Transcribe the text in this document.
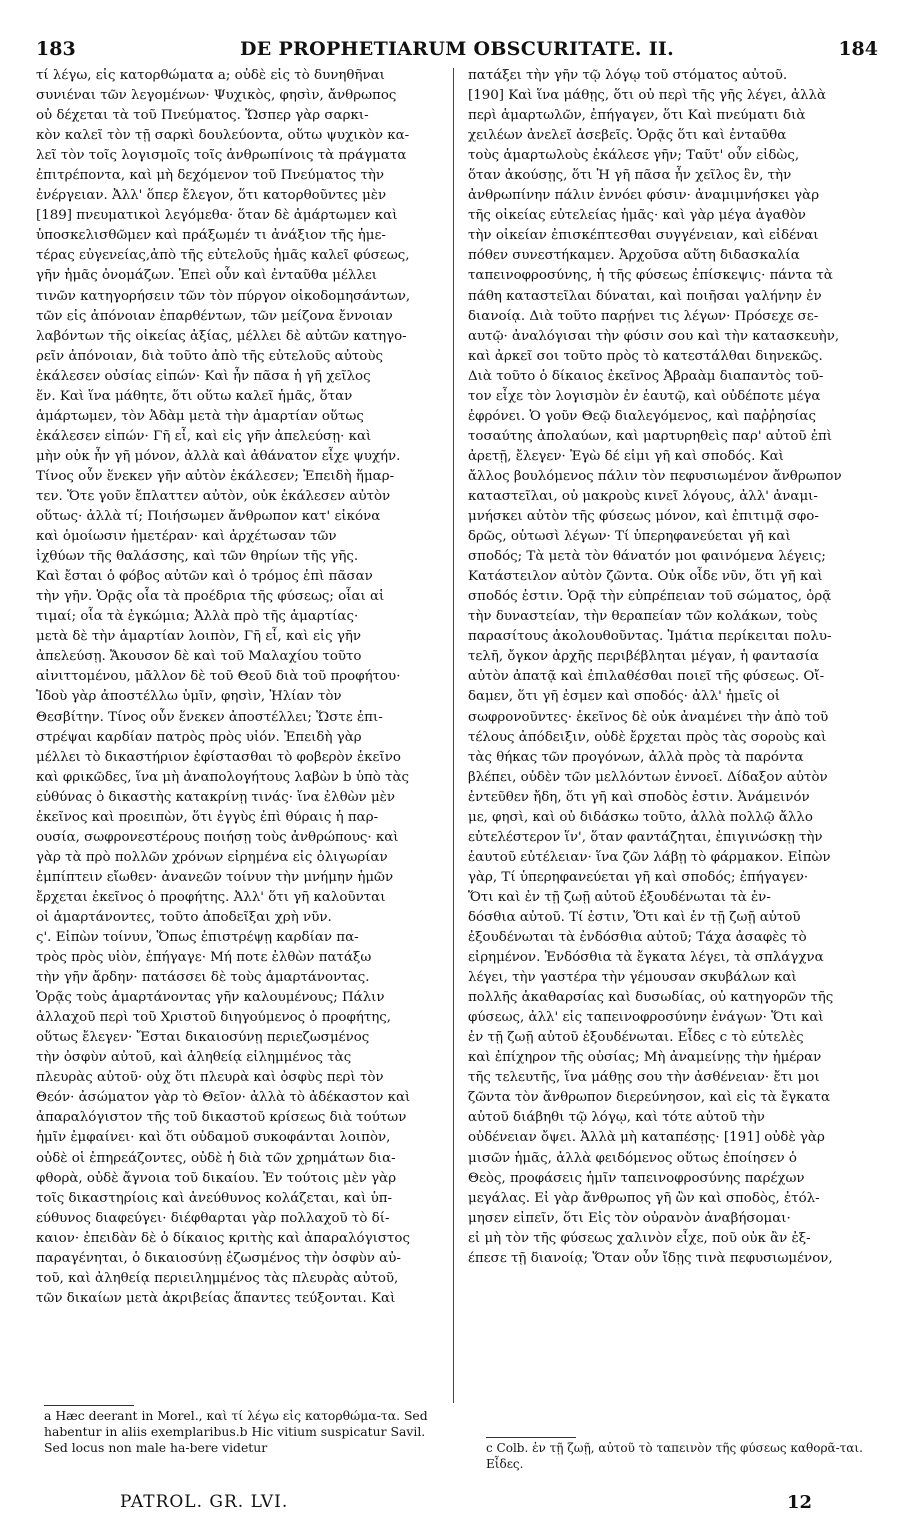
183	DE PROPHETIARUM OBSCURITATE. II.	184
τί λέγω, εἰς κατορθώματα a; οὐδὲ εἰς τὸ δυνηθῆναι
συνιέναι τῶν λεγομένων· Ψυχικὸς, φησὶν, ἄνθρωπος
οὐ δέχεται τὰ τοῦ Πνεύματος. Ὥσπερ γὰρ σαρκι-
κὸν καλεῖ τὸν τῇ σαρκὶ δουλεύοντα, οὕτω ψυχικὸν κα-
λεῖ τὸν τοῖς λογισμοῖς τοῖς ἀνθρωπίνοις τὰ πράγματα
ἐπιτρέποντα, καὶ μὴ δεχόμενον τοῦ Πνεύματος τὴν
ἐνέργειαν. Ἀλλ' ὅπερ ἔλεγον, ὅτι κατορθοῦντες μὲν
[189] πνευματικοὶ λεγόμεθα· ὅταν δὲ ἁμάρτωμεν καὶ
ὑποσκελισθῶμεν καὶ πράξωμέν τι ἀνάξιον τῆς ἡμε-
τέρας εὐγενείας,ἀπὸ τῆς εὐτελοῦς ἡμᾶς καλεῖ φύσεως,
γῆν ἡμᾶς ὀνομάζων. Ἐπεὶ οὖν καὶ ἐνταῦθα μέλλει
τινῶν κατηγορήσειν τῶν τὸν πύργον οἰκοδομησάντων,
τῶν εἰς ἀπόνοιαν ἐπαρθέντων, τῶν μείζονα ἔννοιαν
λαβόντων τῆς οἰκείας ἀξίας, μέλλει δὲ αὐτῶν κατηγο-
ρεῖν ἀπόνοιαν, διὰ τοῦτο ἀπὸ τῆς εὐτελοῦς αὐτοὺς
ἐκάλεσεν οὐσίας εἰπών· Καὶ ἦν πᾶσα ἡ γῆ χεῖλος
ἕν. Καὶ ἵνα μάθητε, ὅτι οὕτω καλεῖ ἡμᾶς, ὅταν
ἁμάρτωμεν, τὸν Ἀδὰμ μετὰ τὴν ἁμαρτίαν οὕτως
ἐκάλεσεν εἰπών· Γῆ εἶ, καὶ εἰς γῆν ἀπελεύσῃ· καὶ
μὴν οὐκ ἦν γῆ μόνον, ἀλλὰ καὶ ἀθάνατον εἶχε ψυχήν.
Τίνος οὖν ἕνεκεν γῆν αὐτὸν ἐκάλεσεν; Ἐπειδὴ ἥμαρ-
τεν. Ὅτε γοῦν ἔπλαττεν αὐτὸν, οὐκ ἐκάλεσεν αὐτὸν
οὕτως· ἀλλὰ τί; Ποιήσωμεν ἄνθρωπον κατ' εἰκόνα
καὶ ὁμοίωσιν ἡμετέραν· καὶ ἀρχέτωσαν τῶν
ἰχθύων τῆς θαλάσσης, καὶ τῶν θηρίων τῆς γῆς.
Καὶ ἔσται ὁ φόβος αὐτῶν καὶ ὁ τρόμος ἐπὶ πᾶσαν
τὴν γῆν. Ὁρᾷς οἷα τὰ προέδρια τῆς φύσεως; οἷαι αἱ
τιμαί; οἷα τὰ ἐγκώμια; Ἀλλὰ πρὸ τῆς ἁμαρτίας·
μετὰ δὲ τὴν ἁμαρτίαν λοιπὸν, Γῆ εἶ, καὶ εἰς γῆν
ἀπελεύσῃ. Ἄκουσον δὲ καὶ τοῦ Μαλαχίου τοῦτο
αἰνιττομένου, μᾶλλον δὲ τοῦ Θεοῦ διὰ τοῦ προφήτου·
Ἰδοὺ γὰρ ἀποστέλλω ὑμῖν, φησὶν, Ἠλίαν τὸν
Θεσβίτην. Τίνος οὖν ἕνεκεν ἀποστέλλει; Ὥστε ἐπι-
στρέψαι καρδίαν πατρὸς πρὸς υἱόν. Ἐπειδὴ γὰρ
μέλλει τὸ δικαστήριον ἐφίστασθαι τὸ φοβερὸν ἐκεῖνο
καὶ φρικῶδες, ἵνα μὴ ἀναπολογήτους λαβὼν b ὑπὸ τὰς
εὐθύνας ὁ δικαστὴς κατακρίνῃ τινάς· ἵνα ἐλθὼν μὲν
ἐκεῖνος καὶ προειπὼν, ὅτι ἐγγὺς ἐπὶ θύραις ἡ παρ-
ουσία, σωφρονεστέρους ποιήσῃ τοὺς ἀνθρώπους· καὶ
γὰρ τὰ πρὸ πολλῶν χρόνων εἰρημένα εἰς ὀλιγωρίαν
ἐμπίπτειν εἴωθεν· ἀνανεῶν τοίνυν τὴν μνήμην ἡμῶν
ἔρχεται ἐκεῖνος ὁ προφήτης. Ἀλλ' ὅτι γῆ καλοῦνται
οἱ ἁμαρτάνοντες, τοῦτο ἀποδεῖξαι χρὴ νῦν.
ς'. Εἰπὼν τοίνυν, Ὅπως ἐπιστρέψῃ καρδίαν πα-
τρὸς πρὸς υἱὸν, ἐπήγαγε· Μή ποτε ἐλθὼν πατάξω
τὴν γῆν ἄρδην· πατάσσει δὲ τοὺς ἁμαρτάνοντας.
Ὁρᾷς τοὺς ἁμαρτάνοντας γῆν καλουμένους; Πάλιν
ἀλλαχοῦ περὶ τοῦ Χριστοῦ διηγούμενος ὁ προφήτης,
οὕτως ἔλεγεν· Ἔσται δικαιοσύνῃ περιεζωσμένος
τὴν ὀσφὺν αὐτοῦ, καὶ ἀληθείᾳ εἱλημμένος τὰς
πλευρὰς αὐτοῦ· οὐχ ὅτι πλευρὰ καὶ ὀσφὺς περὶ τὸν
Θεόν· ἀσώματον γὰρ τὸ Θεῖον· ἀλλὰ τὸ ἀδέκαστον καὶ
ἀπαραλόγιστον τῆς τοῦ δικαστοῦ κρίσεως διὰ τούτων
ἡμῖν ἐμφαίνει· καὶ ὅτι οὐδαμοῦ συκοφάνται λοιπὸν,
οὐδὲ οἱ ἐπηρεάζοντες, οὐδὲ ἡ διὰ τῶν χρημάτων δια-
φθορὰ, οὐδὲ ἄγνοια τοῦ δικαίου. Ἐν τούτοις μὲν γὰρ
τοῖς δικαστηρίοις καὶ ἀνεύθυνος κολάζεται, καὶ ὑπ-
εύθυνος διαφεύγει· διέφθαρται γὰρ πολλαχοῦ τὸ δί-
καιον· ἐπειδὰν δὲ ὁ δίκαιος κριτὴς καὶ ἀπαραλόγιστος
παραγένηται, ὁ δικαιοσύνῃ ἐζωσμένος τὴν ὀσφὺν αὐ-
τοῦ, καὶ ἀληθείᾳ περιειλημμένος τὰς πλευρὰς αὐτοῦ,
τῶν δικαίων μετὰ ἀκριβείας ἅπαντες τεύξονται. Καὶ
πατάξει τὴν γῆν τῷ λόγῳ τοῦ στόματος αὐτοῦ.
[190] Καὶ ἵνα μάθῃς, ὅτι οὐ περὶ τῆς γῆς λέγει, ἀλλὰ
περὶ ἁμαρτωλῶν, ἐπήγαγεν, ὅτι Καὶ πνεύματι διὰ
χειλέων ἀνελεῖ ἀσεβεῖς. Ὁρᾷς ὅτι καὶ ἐνταῦθα
τοὺς ἁμαρτωλοὺς ἐκάλεσε γῆν; Ταῦτ' οὖν εἰδὼς,
ὅταν ἀκούσῃς, ὅτι Ἡ γῆ πᾶσα ἦν χεῖλος ἓν, τὴν
ἀνθρωπίνην πάλιν ἐννόει φύσιν· ἀναμιμνήσκει γὰρ
τῆς οἰκείας εὐτελείας ἡμᾶς· καὶ γὰρ μέγα ἀγαθὸν
τὴν οἰκείαν ἐπισκέπτεσθαι συγγένειαν, καὶ εἰδέναι
πόθεν συνεστήκαμεν. Ἀρχοῦσα αὕτη διδασκαλία
ταπεινοφροσύνης, ἡ τῆς φύσεως ἐπίσκεψις· πάντα τὰ
πάθη καταστεῖλαι δύναται, καὶ ποιῆσαι γαλήνην ἐν
διανοίᾳ. Διὰ τοῦτο παρῄνει τις λέγων· Πρόσεχε σε-
αυτῷ· ἀναλόγισαι τὴν φύσιν σου καὶ τὴν κατασκευὴν,
καὶ ἀρκεῖ σοι τοῦτο πρὸς τὸ κατεστάλθαι διηνεκῶς.
Διὰ τοῦτο ὁ δίκαιος ἐκεῖνος Ἀβραὰμ διαπαντὸς τοῦ-
τον εἶχε τὸν λογισμὸν ἐν ἑαυτῷ, καὶ οὐδέποτε μέγα
ἐφρόνει. Ὁ γοῦν Θεῷ διαλεγόμενος, καὶ παῤῥησίας
τοσαύτης ἀπολαύων, καὶ μαρτυρηθεὶς παρ' αὐτοῦ ἐπὶ
ἀρετῇ, ἔλεγεν· Ἐγὼ δέ εἰμι γῆ καὶ σποδός. Καὶ
ἄλλος βουλόμενος πάλιν τὸν πεφυσιωμένον ἄνθρωπον
καταστεῖλαι, οὐ μακροὺς κινεῖ λόγους, ἀλλ' ἀναμι-
μνήσκει αὐτὸν τῆς φύσεως μόνον, καὶ ἐπιτιμᾷ σφο-
δρῶς, οὑτωσὶ λέγων· Τί ὑπερηφανεύεται γῆ καὶ
σποδός; Τὰ μετὰ τὸν θάνατόν μοι φαινόμενα λέγεις;
Κατάστειλον αὐτὸν ζῶντα. Οὐκ οἶδε νῦν, ὅτι γῆ καὶ
σποδός ἐστιν. Ὁρᾷ τὴν εὐπρέπειαν τοῦ σώματος, ὁρᾷ
τὴν δυναστείαν, τὴν θεραπείαν τῶν κολάκων, τοὺς
παρασίτους ἀκολουθοῦντας. Ἱμάτια περίκειται πολυ-
τελῆ, ὄγκον ἀρχῆς περιβέβληται μέγαν, ἡ φαντασία
αὐτὸν ἀπατᾷ καὶ ἐπιλαθέσθαι ποιεῖ τῆς φύσεως. Οἴ-
δαμεν, ὅτι γῆ ἐσμεν καὶ σποδός· ἀλλ' ἡμεῖς οἱ
σωφρονοῦντες· ἐκεῖνος δὲ οὐκ ἀναμένει τὴν ἀπὸ τοῦ
τέλους ἀπόδειξιν, οὐδὲ ἔρχεται πρὸς τὰς σοροὺς καὶ
τὰς θήκας τῶν προγόνων, ἀλλὰ πρὸς τὰ παρόντα
βλέπει, οὐδὲν τῶν μελλόντων ἐννοεῖ. Δίδαξον αὐτὸν
ἐντεῦθεν ἤδη, ὅτι γῆ καὶ σποδὸς ἐστιν. Ἀνάμεινόν
με, φησὶ, καὶ οὐ διδάσκω τοῦτο, ἀλλὰ πολλῷ ἄλλο
εὐτελέστερον ἵν', ὅταν φαντάζηται, ἐπιγινώσκῃ τὴν
ἑαυτοῦ εὐτέλειαν· ἵνα ζῶν λάβῃ τὸ φάρμακον. Εἰπὼν
γὰρ, Τί ὑπερηφανεύεται γῆ καὶ σποδός; ἐπήγαγεν·
Ὅτι καὶ ἐν τῇ ζωῇ αὐτοῦ ἐξουδένωται τὰ ἐν-
δόσθια αὐτοῦ. Τί ἐστιν, Ὅτι καὶ ἐν τῇ ζωῇ αὐτοῦ
ἐξουδένωται τὰ ἐνδόσθια αὐτοῦ; Τάχα ἀσαφὲς τὸ
εἰρημένον. Ἐνδόσθια τὰ ἔγκατα λέγει, τὰ σπλάγχνα
λέγει, τὴν γαστέρα τὴν γέμουσαν σκυβάλων καὶ
πολλῆς ἀκαθαρσίας καὶ δυσωδίας, οὐ κατηγορῶν τῆς
φύσεως, ἀλλ' εἰς ταπεινοφροσύνην ἐνάγων· Ὅτι καὶ
ἐν τῇ ζωῇ αὐτοῦ ἐξουδένωται. Εἶδες c τὸ εὐτελὲς
καὶ ἐπίχηρον τῆς οὐσίας; Μὴ ἀναμείνῃς τὴν ἡμέραν
τῆς τελευτῆς, ἵνα μάθῃς σου τὴν ἀσθένειαν· ἔτι μοι
ζῶντα τὸν ἄνθρωπον διερεύνησον, καὶ εἰς τὰ ἔγκατα
αὐτοῦ διάβηθι τῷ λόγῳ, καὶ τότε αὐτοῦ τὴν
οὐδένειαν ὄψει. Ἀλλὰ μὴ καταπέσῃς· [191] οὐδὲ γὰρ
μισῶν ἡμᾶς, ἀλλὰ φειδόμενος οὕτως ἐποίησεν ὁ
Θεὸς, προφάσεις ἡμῖν ταπεινοφροσύνης παρέχων
μεγάλας. Εἰ γὰρ ἄνθρωπος γῆ ὢν καὶ σποδὸς, ἐτόλ-
μησεν εἰπεῖν, ὅτι Εἰς τὸν οὐρανὸν ἀναβήσομαι·
εἰ μὴ τὸν τῆς φύσεως χαλινὸν εἶχε, ποῦ οὐκ ἂν ἐξ-
έπεσε τῇ διανοίᾳ; Ὅταν οὖν ἴδῃς τινὰ πεφυσιωμένον,
a Hæc deerant in Morel., καὶ τί λέγω εἰς κατορθώμα-τα. Sed habentur in aliis exemplaribus.b Hic vitium suspicatur Savil. Sed locus non male ha-bere videtur	c Colb. ἐν τῇ ζωῇ, αὐτοῦ τὸ ταπεινὸν τῆς φύσεως καθορᾶ-ται. Εἶδες.
PATROL. GR. LVI.	12
